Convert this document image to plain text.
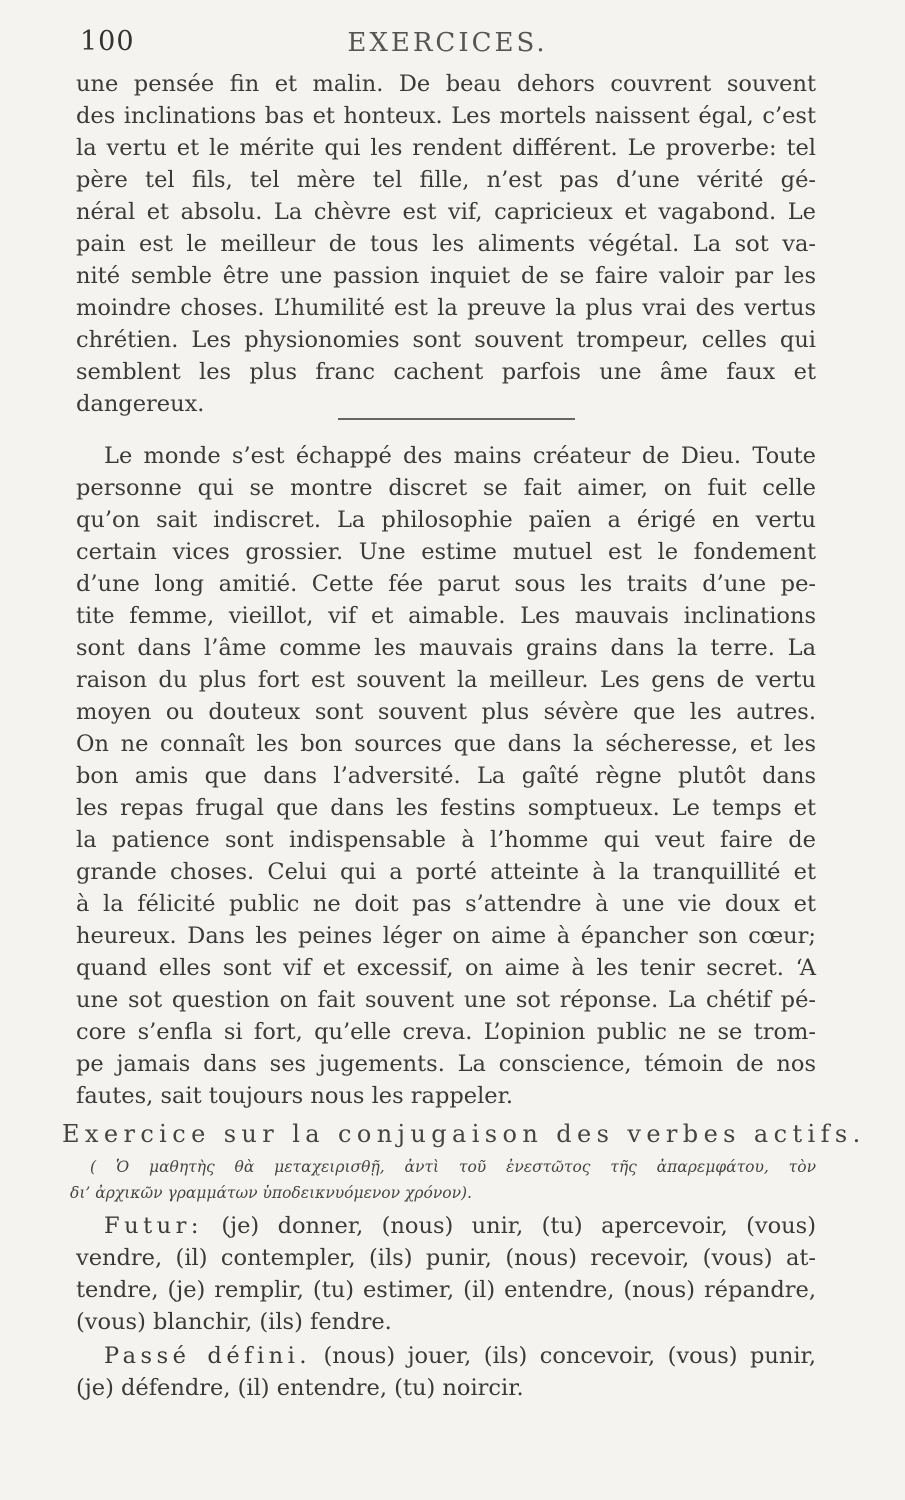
100	EXERCICES.
une pensée fin et malin. De beau dehors couvrent souvent
des inclinations bas et honteux. Les mortels naissent égal, c’est
la vertu et le mérite qui les rendent différent. Le proverbe: tel
père tel fils, tel mère tel fille, n’est pas d’une vérité gé-
néral et absolu. La chèvre est vif, capricieux et vagabond. Le
pain est le meilleur de tous les aliments végétal. La sot va-
nité semble être une passion inquiet de se faire valoir par les
moindre choses. L’humilité est la preuve la plus vrai des vertus
chrétien. Les physionomies sont souvent trompeur, celles qui
semblent les plus franc cachent parfois une âme faux et
dangereux.
Le monde s’est échappé des mains créateur de Dieu. Toute
personne qui se montre discret se fait aimer, on fuit celle
qu’on sait indiscret. La philosophie païen a érigé en vertu
certain vices grossier. Une estime mutuel est le fondement
d’une long amitié. Cette fée parut sous les traits d’une pe-
tite femme, vieillot, vif et aimable. Les mauvais inclinations
sont dans l’âme comme les mauvais grains dans la terre. La
raison du plus fort est souvent la meilleur. Les gens de vertu
moyen ou douteux sont souvent plus sévère que les autres.
On ne connaît les bon sources que dans la sécheresse, et les
bon amis que dans l’adversité. La gaîté règne plutôt dans
les repas frugal que dans les festins somptueux. Le temps et
la patience sont indispensable à l’homme qui veut faire de
grande choses. Celui qui a porté atteinte à la tranquillité et
à la félicité public ne doit pas s’attendre à une vie doux et
heureux. Dans les peines léger on aime à épancher son cœur;
quand elles sont vif et excessif, on aime à les tenir secret. ‘A
une sot question on fait souvent une sot réponse. La chétif pé-
core s’enfla si fort, qu’elle creva. L’opinion public ne se trom-
pe jamais dans ses jugements. La conscience, témoin de nos
fautes, sait toujours nous les rappeler.
Exercice sur la conjugaison des verbes actifs.
( Ὁ μαθητὴς θὰ μεταχειρισθῇ, ἀντὶ τοῦ ἐνεστῶτος τῆς ἀπαρεμφάτου, τὸν
δι’ ἀρχικῶν γραμμάτων ὑποδεικνυόμενον χρόνον).
Futur: (je) donner, (nous) unir, (tu) apercevoir, (vous)
vendre, (il) contempler, (ils) punir, (nous) recevoir, (vous) at-
tendre, (je) remplir, (tu) estimer, (il) entendre, (nous) répandre,
(vous) blanchir, (ils) fendre.
Passé défini. (nous) jouer, (ils) concevoir, (vous) punir,
(je) défendre, (il) entendre, (tu) noircir.
